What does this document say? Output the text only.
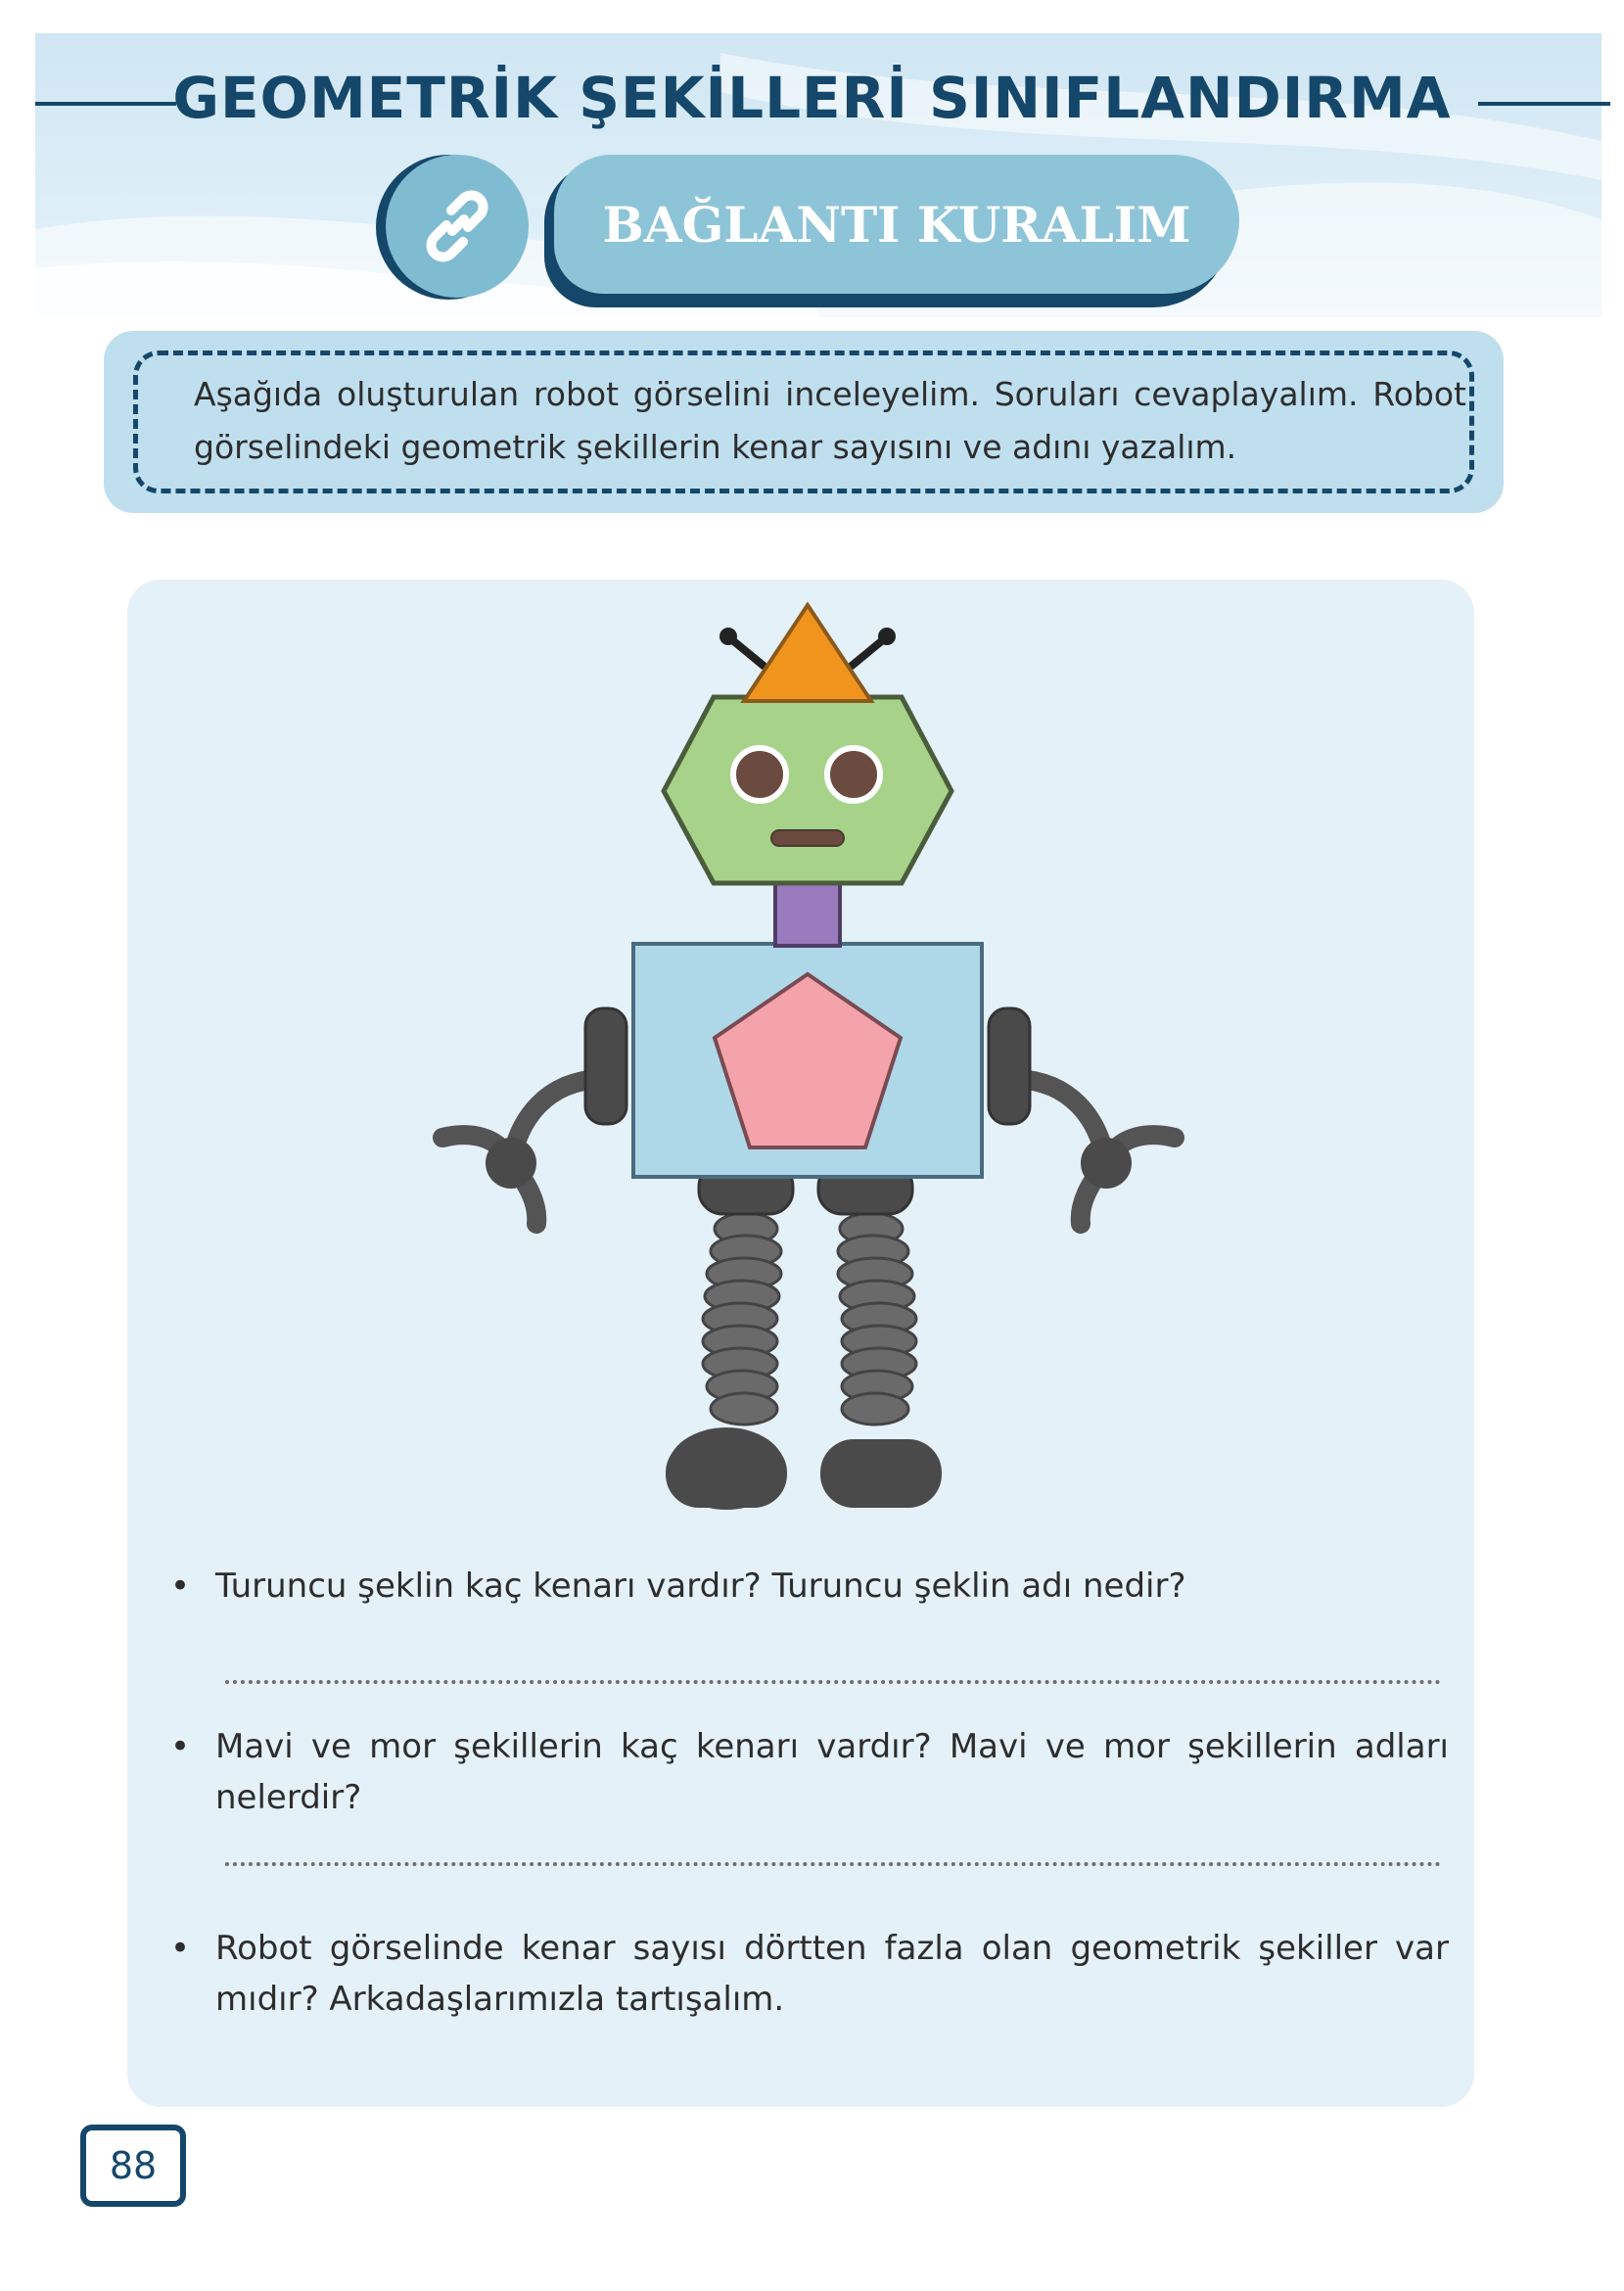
GEOMETRİK ŞEKİLLERİ SINIFLANDIRMA
BAĞLANTI KURALIM
Aşağıda oluşturulan robot görselini inceleyelim. Soruları cevaplayalım. Robot görselindeki geometrik şekillerin kenar sayısını ve adını yazalım.
• Turuncu şeklin kaç kenarı vardır? Turuncu şeklin adı nedir?
• Mavi ve mor şekillerin kaç kenarı vardır? Mavi ve mor şekillerin adları nelerdir?
• Robot görselinde kenar sayısı dörtten fazla olan geometrik şekiller var mıdır? Arkadaşlarımızla tartışalım.
88
